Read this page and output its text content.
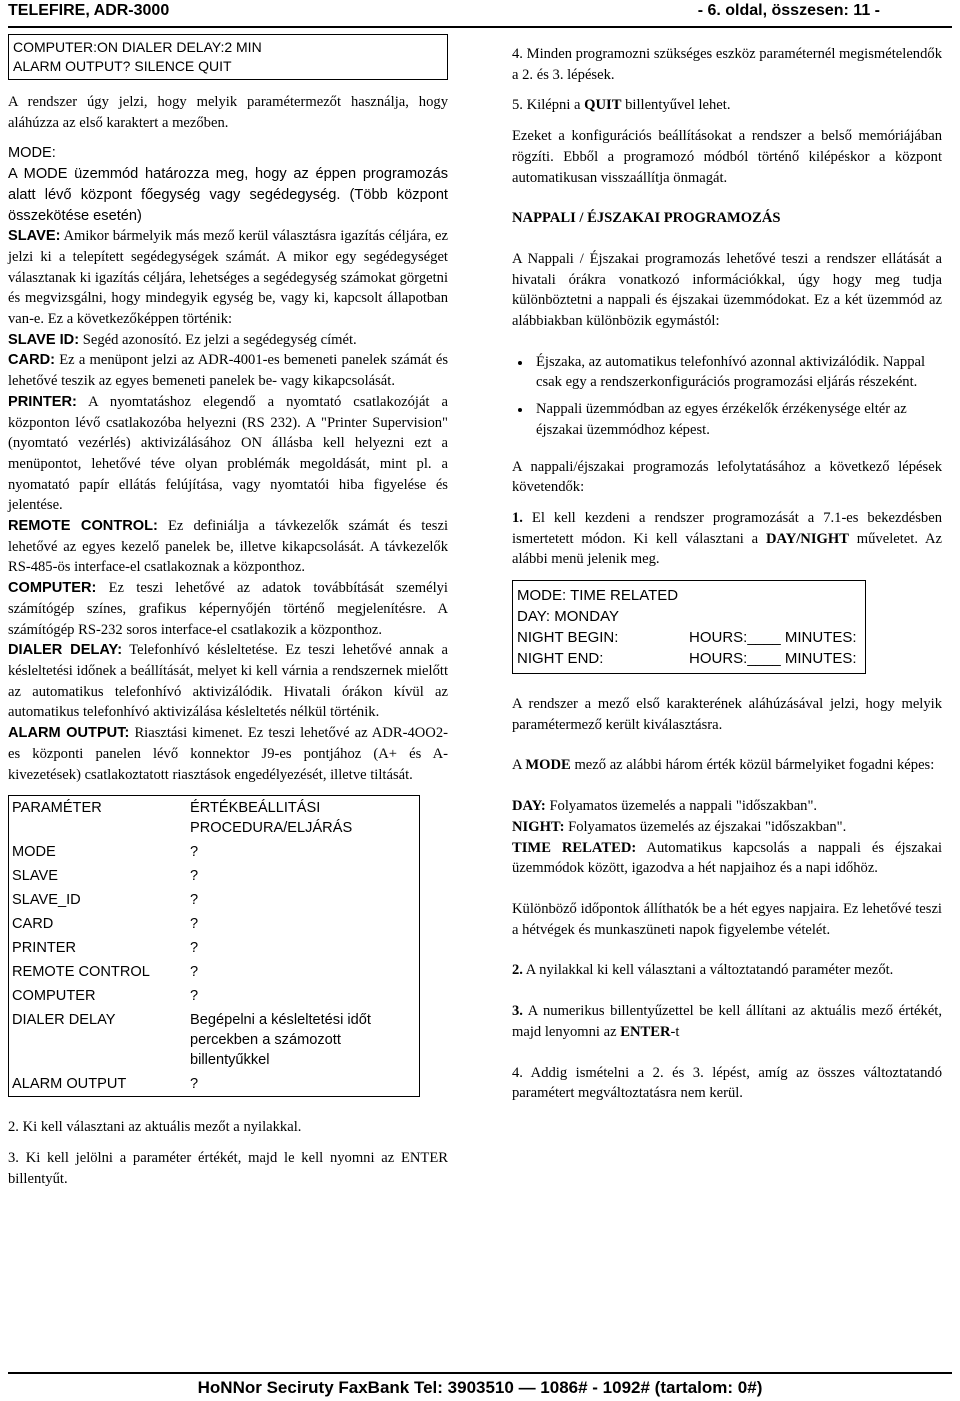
TELEFIRE, ADR-3000	- 6. oldal, összesen: 11 -
COMPUTER:ON DIALER DELAY:2 MIN
ALARM OUTPUT? SILENCE QUIT

A rendszer úgy jelzi, hogy melyik paramétermezőt használja, hogy aláhúzza az első karaktert a mezőben.

MODE:

A MODE üzemmód határozza meg, hogy az éppen programozás alatt lévő központ főegység vagy segédegység. (Több központ összekötése esetén)

SLAVE: Amikor bármelyik más mező kerül választásra igazítás céljára, ez jelzi ki a telepített segédegységek számát. A mikor egy segédegységet választanak ki igazítás céljára, lehetséges a segédegység számokat görgetni és megvizsgálni, hogy mindegyik egység be, vagy ki, kapcsolt állapotban van-e. Ez a következőképpen történik:

SLAVE ID: Segéd azonosító. Ez jelzi a segédegység címét.

CARD: Ez a menüpont jelzi az ADR-4001-es bemeneti panelek számát és lehetővé teszik az egyes bemeneti panelek be- vagy kikapcsolását.

PRINTER: A nyomtatáshoz elegendő a nyomtató csatlakozóját a központon lévő csatlakozóba helyezni (RS 232). A "Printer Supervision" (nyomtató vezérlés) aktivizálásához ON állásba kell helyezni ezt a menüpontot, lehetővé téve olyan problémák megoldását, mint pl. a nyomatató papír ellátás felújítása, vagy nyomtatói hiba figyelése és jelentése.

REMOTE CONTROL: Ez definiálja a távkezelők számát és teszi lehetővé az egyes kezelő panelek be, illetve kikapcsolását. A távkezelők RS-485-ös interface-el csatlakoznak a központhoz.

COMPUTER: Ez teszi lehetővé az adatok továbbítását személyi számítógép színes, grafikus képernyőjén történő megjelenítésre. A számítógép RS-232 soros interface-el csatlakozik a központhoz.

DIALER DELAY: Telefonhívó késleltetése. Ez teszi lehetővé annak a késleltetési időnek a beállítását, melyet ki kell várnia a rendszernek mielőtt az automatikus telefonhívó aktivizálódik. Hivatali órákon kívül az automatikus telefonhívó aktivizálása késleltetés nélkül történik.

ALARM OUTPUT: Riasztási kimenet. Ez teszi lehetővé az ADR-4OO2-es központi panelen lévő konnektor J9-es pontjához (A+ és A- kivezetések) csatlakoztatott riasztások engedélyezését, illetve tiltását.

PARAMÉTER	ÉRTÉKBEÁLLITÁSI PROCEDURA/ELJÁRÁS
MODE	?
SLAVE	?
SLAVE_ID	?
CARD	?
PRINTER	?
REMOTE CONTROL	?
COMPUTER	?
DIALER DELAY	Begépelni a késleltetési időt percekben a számozott billentyűkkel
ALARM OUTPUT	?

2. Ki kell választani az aktuális mezőt a nyilakkal.

3. Ki kell jelölni a paraméter értékét, majd le kell nyomni az ENTER billentyűt.

4. Minden programozni szükséges eszköz paraméternél megismételendők a 2. és 3. lépések.

5. Kilépni a QUIT billentyűvel lehet.

Ezeket a konfigurációs beállításokat a rendszer a belső memóriájában rögzíti. Ebből a programozó módból történő kilépéskor a központ automatikusan visszaállítja önmagát.

NAPPALI / ÉJSZAKAI PROGRAMOZÁS

A Nappali / Éjszakai programozás lehetővé teszi a rendszer ellátását a hivatali órákra vonatkozó információkkal, úgy hogy meg tudja különböztetni a nappali és éjszakai üzemmódokat. Ez a két üzemmód az alábbiakban különbözik egymástól:

• Éjszaka, az automatikus telefonhívó azonnal aktivizálódik. Nappal csak egy a rendszerkonfigurációs programozási eljárás részeként.
• Nappali üzemmódban az egyes érzékelők érzékenysége eltér az éjszakai üzemmódhoz képest.

A nappali/éjszakai programozás lefolytatásához a következő lépések követendők:

1. El kell kezdeni a rendszer programozását a 7.1-es bekezdésben ismertetett módon. Ki kell választani a DAY/NIGHT műveletet. Az alábbi menü jelenik meg.

MODE: TIME RELATED
DAY: MONDAY
NIGHT BEGIN:	HOURS:____ MINUTES:
NIGHT END:	HOURS:____ MINUTES:

A rendszer a mező első karakterének aláhúzásával jelzi, hogy melyik paramétermező került kiválasztásra.

A MODE mező az alábbi három érték közül bármelyiket fogadni képes:

DAY: Folyamatos üzemelés a nappali "időszakban".

NIGHT: Folyamatos üzemelés az éjszakai "időszakban".

TIME RELATED: Automatikus kapcsolás a nappali és éjszakai üzemmódok között, igazodva a hét napjaihoz és a napi időhöz.

Különböző időpontok állíthatók be a hét egyes napjaira. Ez lehetővé teszi a hétvégek és munkaszüneti napok figyelembe vételét.

2. A nyilakkal ki kell választani a változtatandó paraméter mezőt.

3. A numerikus billentyűzettel be kell állítani az aktuális mező értékét, majd lenyomni az ENTER-t

4. Addig ismételni a 2. és 3. lépést, amíg az összes változtatandó paramétert megváltoztatásra nem kerül.

HoNNor Seciruty FaxBank Tel: 3903510 — 1086# - 1092# (tartalom: 0#)
